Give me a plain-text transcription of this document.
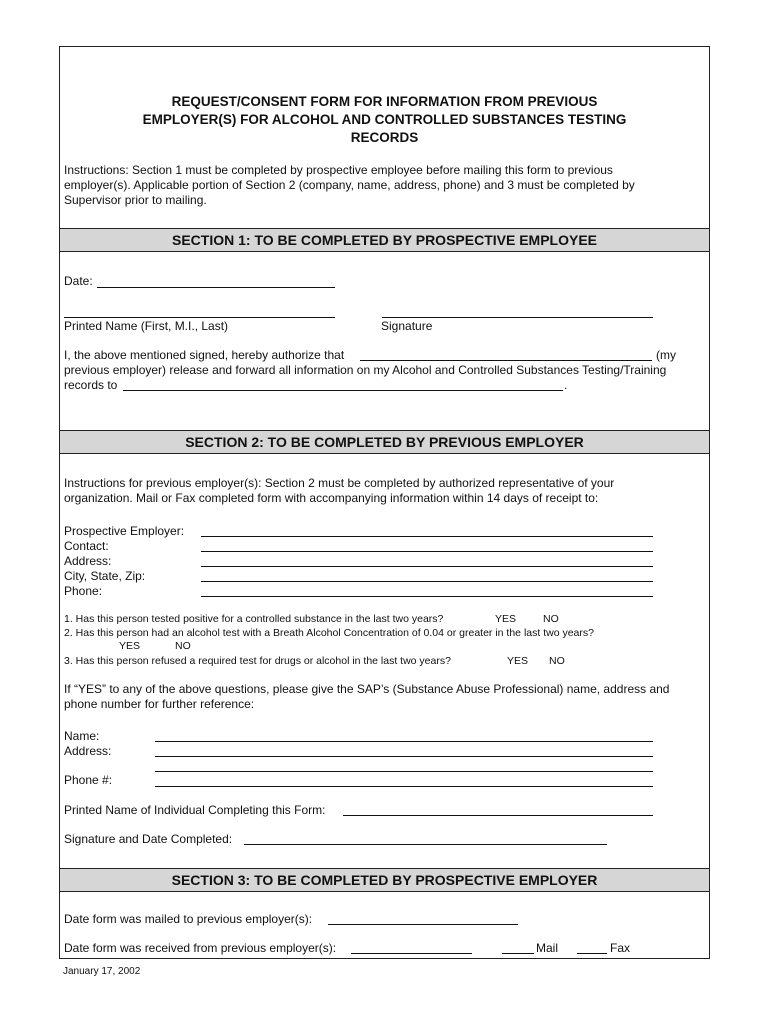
REQUEST/CONSENT FORM FOR INFORMATION FROM PREVIOUS
EMPLOYER(S) FOR ALCOHOL AND CONTROLLED SUBSTANCES TESTING
RECORDS
Instructions: Section 1 must be completed by prospective employee before mailing this form to previous
employer(s). Applicable portion of Section 2 (company, name, address, phone) and 3 must be completed by
Supervisor prior to mailing.
SECTION 1: TO BE COMPLETED BY PROSPECTIVE EMPLOYEE
Date:
Printed Name (First, M.I., Last)	Signature
I, the above mentioned signed, hereby authorize that	(my
previous employer) release and forward all information on my Alcohol and Controlled Substances Testing/Training
records to	.
SECTION 2: TO BE COMPLETED BY PREVIOUS EMPLOYER
Instructions for previous employer(s): Section 2 must be completed by authorized representative of your
organization. Mail or Fax completed form with accompanying information within 14 days of receipt to:
Prospective Employer:
Contact:
Address:
City, State, Zip:
Phone:
1. Has this person tested positive for a controlled substance in the last two years?	YES	NO
2. Has this person had an alcohol test with a Breath Alcohol Concentration of 0.04 or greater in the last two years?
YES	NO
3. Has this person refused a required test for drugs or alcohol in the last two years?	YES NO
If “YES” to any of the above questions, please give the SAP’s (Substance Abuse Professional) name, address and
phone number for further reference:
Name:
Address:
Phone #:
Printed Name of Individual Completing this Form:
Signature and Date Completed:
SECTION 3: TO BE COMPLETED BY PROSPECTIVE EMPLOYER
Date form was mailed to previous employer(s):
Date form was received from previous employer(s):	Mail	Fax
January 17, 2002
